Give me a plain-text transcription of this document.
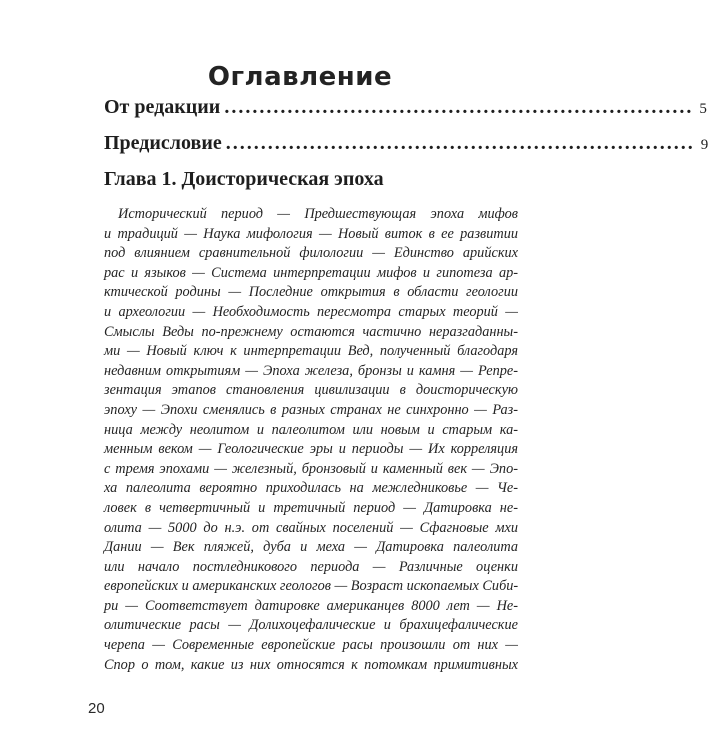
Оглавление
От редакции ................................................................... 5
Предисловие ................................................................... 9
Глава 1. Доисторическая эпоха
Исторический период — Предшествующая эпоха мифов
и традиций — Наука мифология — Новый виток в ее развитии
под влиянием сравнительной филологии — Единство арийских
рас и языков — Система интерпретации мифов и гипотеза ар-
ктической родины — Последние открытия в области геологии
и археологии — Необходимость пересмотра старых теорий —
Смыслы Веды по-прежнему остаются частично неразгаданны-
ми — Новый ключ к интерпретации Вед, полученный благодаря
недавним открытиям — Эпоха железа, бронзы и камня — Репре-
зентация этапов становления цивилизации в доисторическую
эпоху — Эпохи сменялись в разных странах не синхронно — Раз-
ница между неолитом и палеолитом или новым и старым ка-
менным веком — Геологические эры и периоды — Их корреляция
с тремя эпохами — железный, бронзовый и каменный век — Эпо-
ха палеолита вероятно приходилась на межледниковье — Че-
ловек в четвертичный и третичный период — Датировка не-
олита — 5000 до н.э. от свайных поселений — Сфагновые мхи
Дании — Век пляжей, дуба и меха — Датировка палеолита
или начало постледникового периода — Различные оценки
европейских и американских геологов — Возраст ископаемых Сиби-
ри — Соответствует датировке американцев 8000 лет — Не-
олитические расы — Долихоцефалические и брахицефалические
черепа — Современные европейские расы произошли от них —
Спор о том, какие из них относятся к потомкам примитивных
20
